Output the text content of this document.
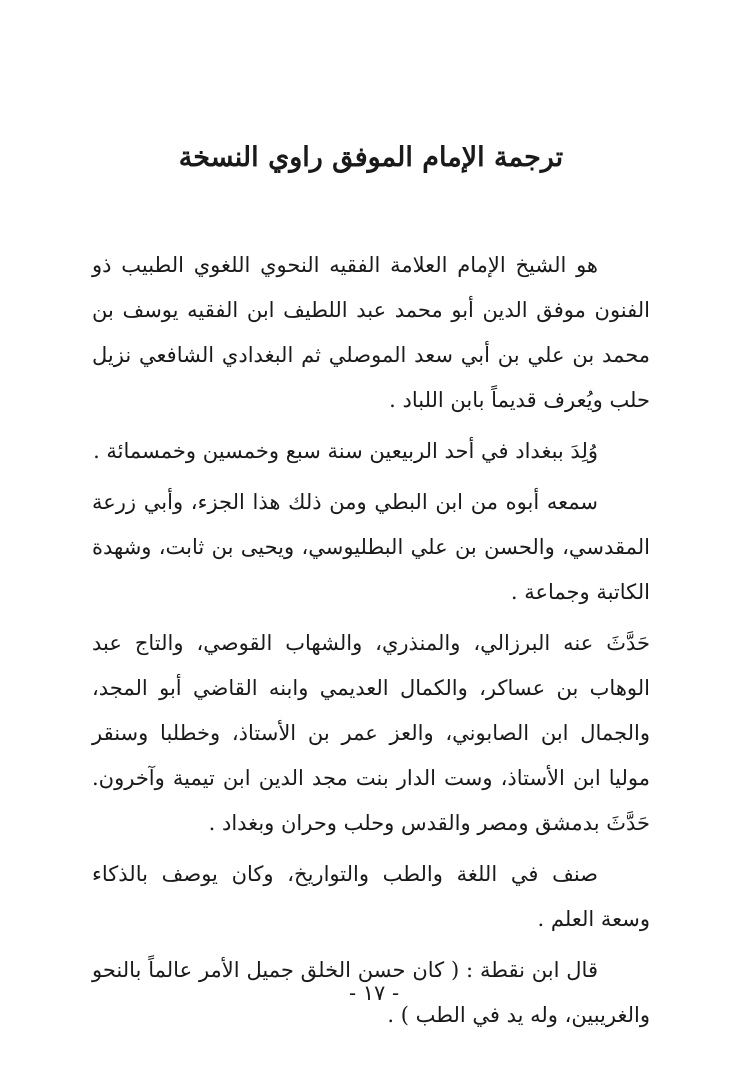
ترجمة الإمام الموفق راوي النسخة

هو الشيخ الإمام العلامة الفقيه النحوي اللغوي الطبيب ذو الفنون موفق الدين أبو محمد عبد اللطيف ابن الفقيه يوسف بن محمد بن علي بن أبي سعد الموصلي ثم البغدادي الشافعي نزيل حلب ويُعرف قديماً بابن اللباد .

وُلِدَ ببغداد في أحد الربيعين سنة سبع وخمسين وخمسمائة .

سمعه أبوه من ابن البطي ومن ذلك هذا الجزء، وأبي زرعة المقدسي، والحسن بن علي البطليوسي، ويحيى بن ثابت، وشهدة الكاتبة وجماعة .

حَدَّثَ عنه البرزالي، والمنذري، والشهاب القوصي، والتاج عبد الوهاب بن عساكر، والكمال العديمي وابنه القاضي أبو المجد، والجمال ابن الصابوني، والعز عمر بن الأستاذ، وخطلبا وسنقر موليا ابن الأستاذ، وست الدار بنت مجد الدين ابن تيمية وآخرون. حَدَّثَ بدمشق ومصر والقدس وحلب وحران وبغداد .

صنف في اللغة والطب والتواريخ، وكان يوصف بالذكاء وسعة العلم .

قال ابن نقطة : ( كان حسن الخلق جميل الأمر عالماً بالنحو والغريبين، وله يد في الطب ) .

- ١٧ -
